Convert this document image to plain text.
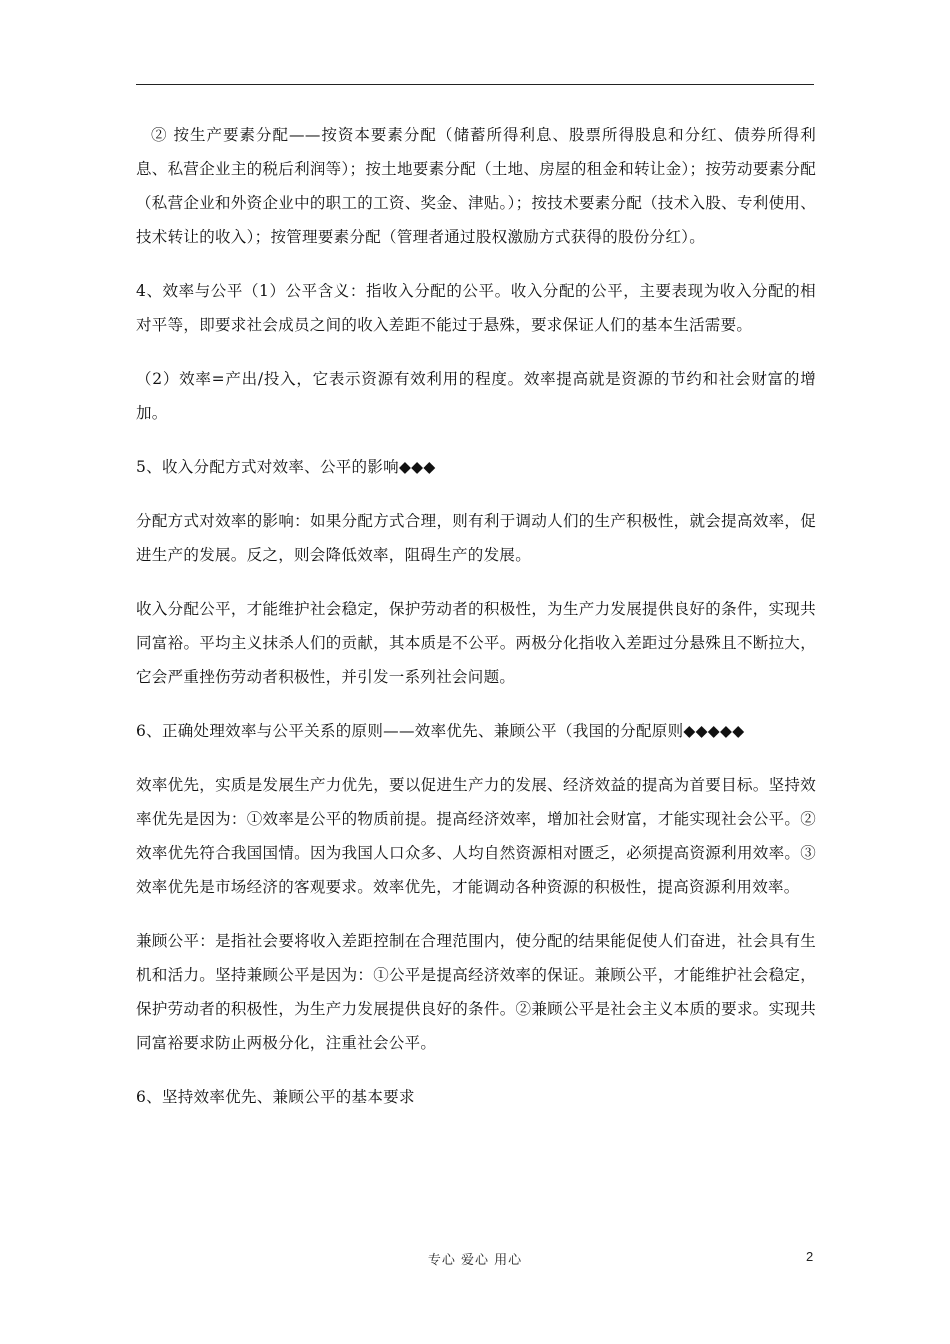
② 按生产要素分配——按资本要素分配（储蓄所得利息、股票所得股息和分红、债券所得利息、私营企业主的税后利润等）；按土地要素分配（土地、房屋的租金和转让金）；按劳动要素分配（私营企业和外资企业中的职工的工资、奖金、津贴。）；按技术要素分配（技术入股、专利使用、技术转让的收入）；按管理要素分配（管理者通过股权激励方式获得的股份分红）。

4、效率与公平（1）公平含义：指收入分配的公平。收入分配的公平，主要表现为收入分配的相对平等，即要求社会成员之间的收入差距不能过于悬殊，要求保证人们的基本生活需要。

（2）效率=产出/投入，它表示资源有效利用的程度。效率提高就是资源的节约和社会财富的增加。

5、收入分配方式对效率、公平的影响◆◆◆

分配方式对效率的影响：如果分配方式合理，则有利于调动人们的生产积极性，就会提高效率，促进生产的发展。反之，则会降低效率，阻碍生产的发展。

收入分配公平，才能维护社会稳定，保护劳动者的积极性，为生产力发展提供良好的条件，实现共同富裕。平均主义抹杀人们的贡献，其本质是不公平。两极分化指收入差距过分悬殊且不断拉大，它会严重挫伤劳动者积极性，并引发一系列社会问题。

6、正确处理效率与公平关系的原则——效率优先、兼顾公平（我国的分配原则◆◆◆◆◆

效率优先，实质是发展生产力优先，要以促进生产力的发展、经济效益的提高为首要目标。坚持效率优先是因为：①效率是公平的物质前提。提高经济效率，增加社会财富，才能实现社会公平。②效率优先符合我国国情。因为我国人口众多、人均自然资源相对匮乏，必须提高资源利用效率。③效率优先是市场经济的客观要求。效率优先，才能调动各种资源的积极性，提高资源利用效率。

兼顾公平：是指社会要将收入差距控制在合理范围内，使分配的结果能促使人们奋进，社会具有生机和活力。坚持兼顾公平是因为：①公平是提高经济效率的保证。兼顾公平，才能维护社会稳定，保护劳动者的积极性，为生产力发展提供良好的条件。②兼顾公平是社会主义本质的要求。实现共同富裕要求防止两极分化，注重社会公平。

6、坚持效率优先、兼顾公平的基本要求

专心 爱心 用心	2
